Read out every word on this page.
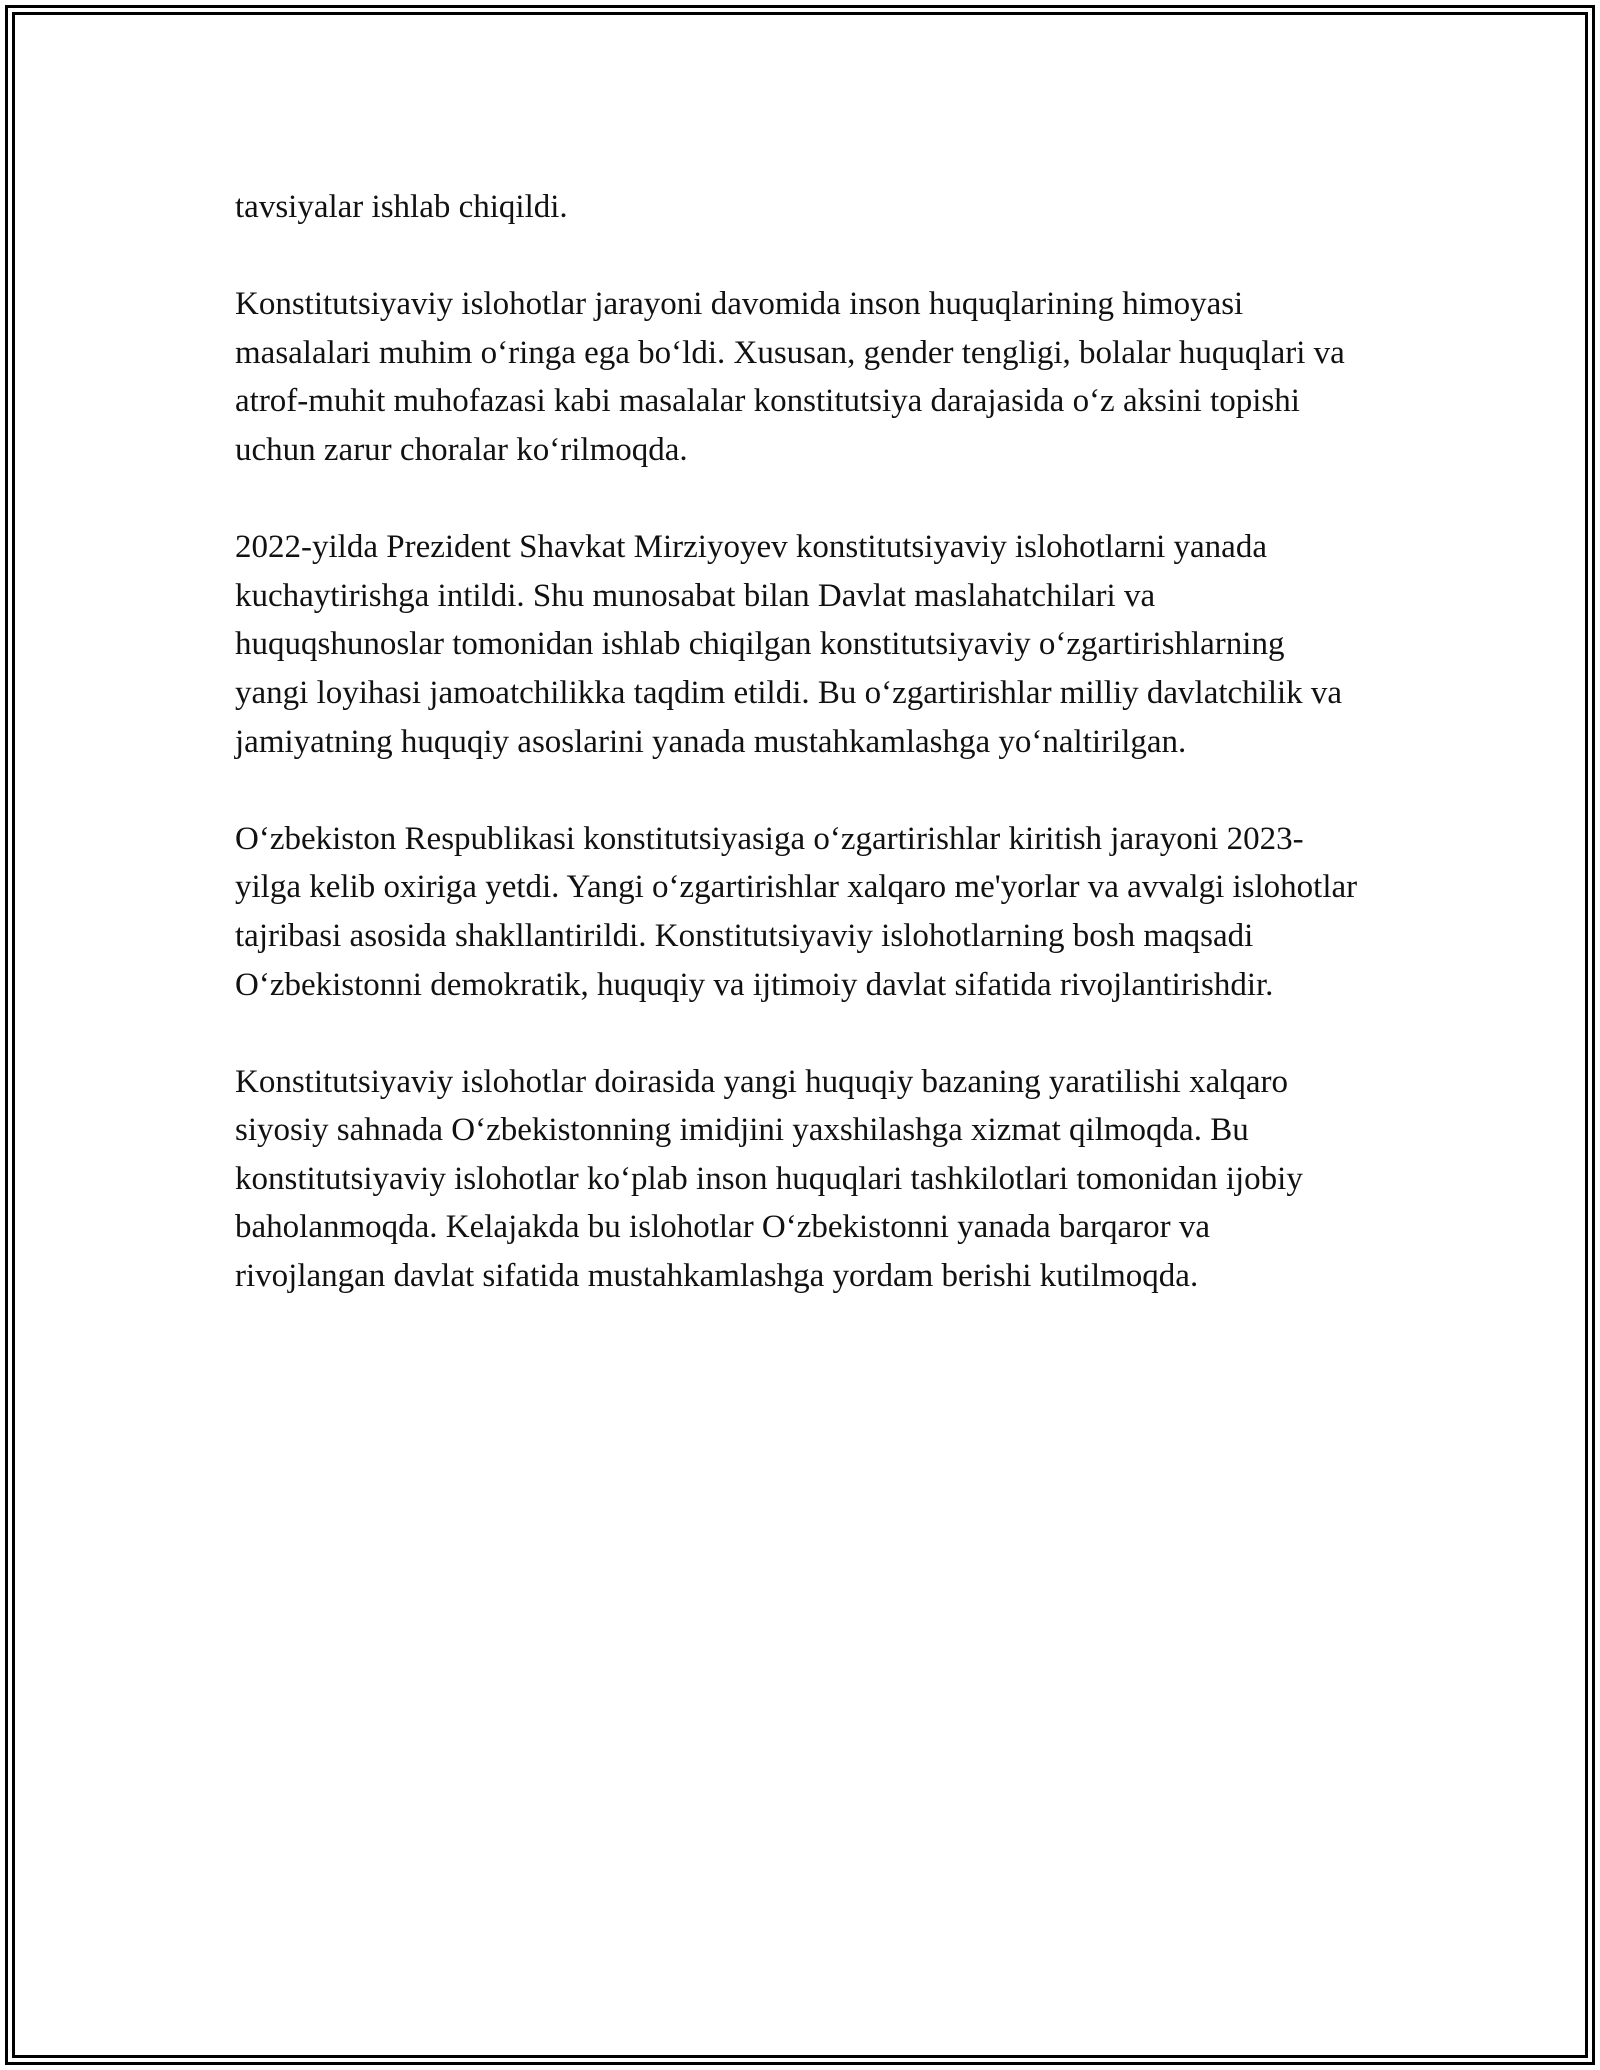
tavsiyalar ishlab chiqildi.

Konstitutsiyaviy islohotlar jarayoni davomida inson huquqlarining himoyasi masalalari muhim o‘ringa ega bo‘ldi. Xususan, gender tengligi, bolalar huquqlari va atrof-muhit muhofazasi kabi masalalar konstitutsiya darajasida o‘z aksini topishi uchun zarur choralar ko‘rilmoqda.

2022-yilda Prezident Shavkat Mirziyoyev konstitutsiyaviy islohotlarni yanada kuchaytirishga intildi. Shu munosabat bilan Davlat maslahatchilari va huquqshunoslar tomonidan ishlab chiqilgan konstitutsiyaviy o‘zgartirishlarning yangi loyihasi jamoatchilikka taqdim etildi. Bu o‘zgartirishlar milliy davlatchilik va jamiyatning huquqiy asoslarini yanada mustahkamlashga yo‘naltirilgan.

O‘zbekiston Respublikasi konstitutsiyasiga o‘zgartirishlar kiritish jarayoni 2023-yilga kelib oxiriga yetdi. Yangi o‘zgartirishlar xalqaro me'yorlar va avvalgi islohotlar tajribasi asosida shakllantirildi. Konstitutsiyaviy islohotlarning bosh maqsadi O‘zbekistonni demokratik, huquqiy va ijtimoiy davlat sifatida rivojlantirishdir.

Konstitutsiyaviy islohotlar doirasida yangi huquqiy bazaning yaratilishi xalqaro siyosiy sahnada O‘zbekistonning imidjini yaxshilashga xizmat qilmoqda. Bu konstitutsiyaviy islohotlar ko‘plab inson huquqlari tashkilotlari tomonidan ijobiy baholanmoqda. Kelajakda bu islohotlar O‘zbekistonni yanada barqaror va rivojlangan davlat sifatida mustahkamlashga yordam berishi kutilmoqda.
